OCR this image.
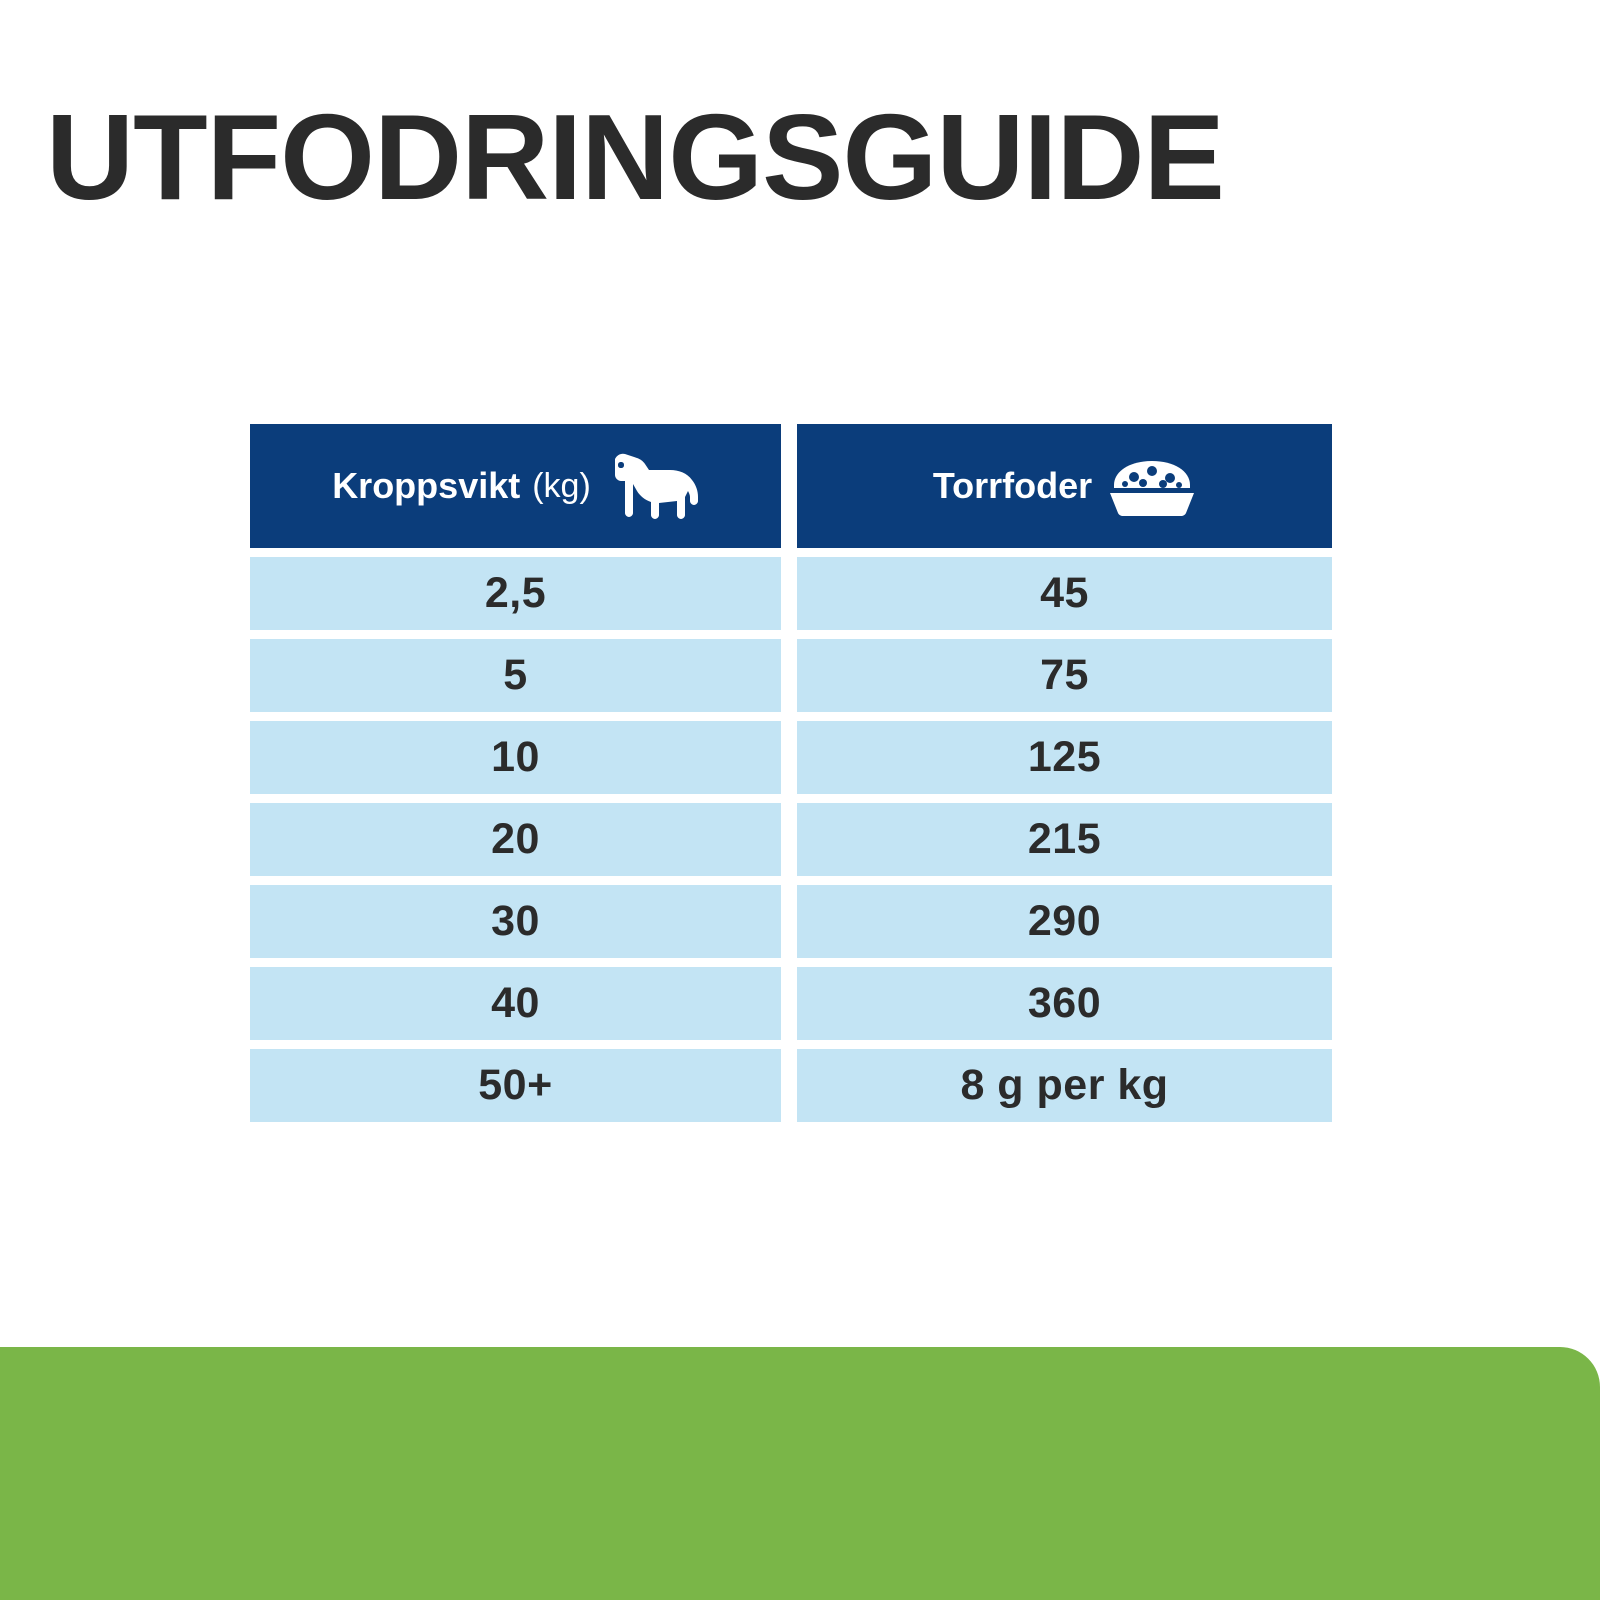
UTFODRINGSGUIDE
Kroppsvikt (kg)	Torrfoder
2,5	45
5	75
10	125
20	215
30	290
40	360
50+	8 g per kg
